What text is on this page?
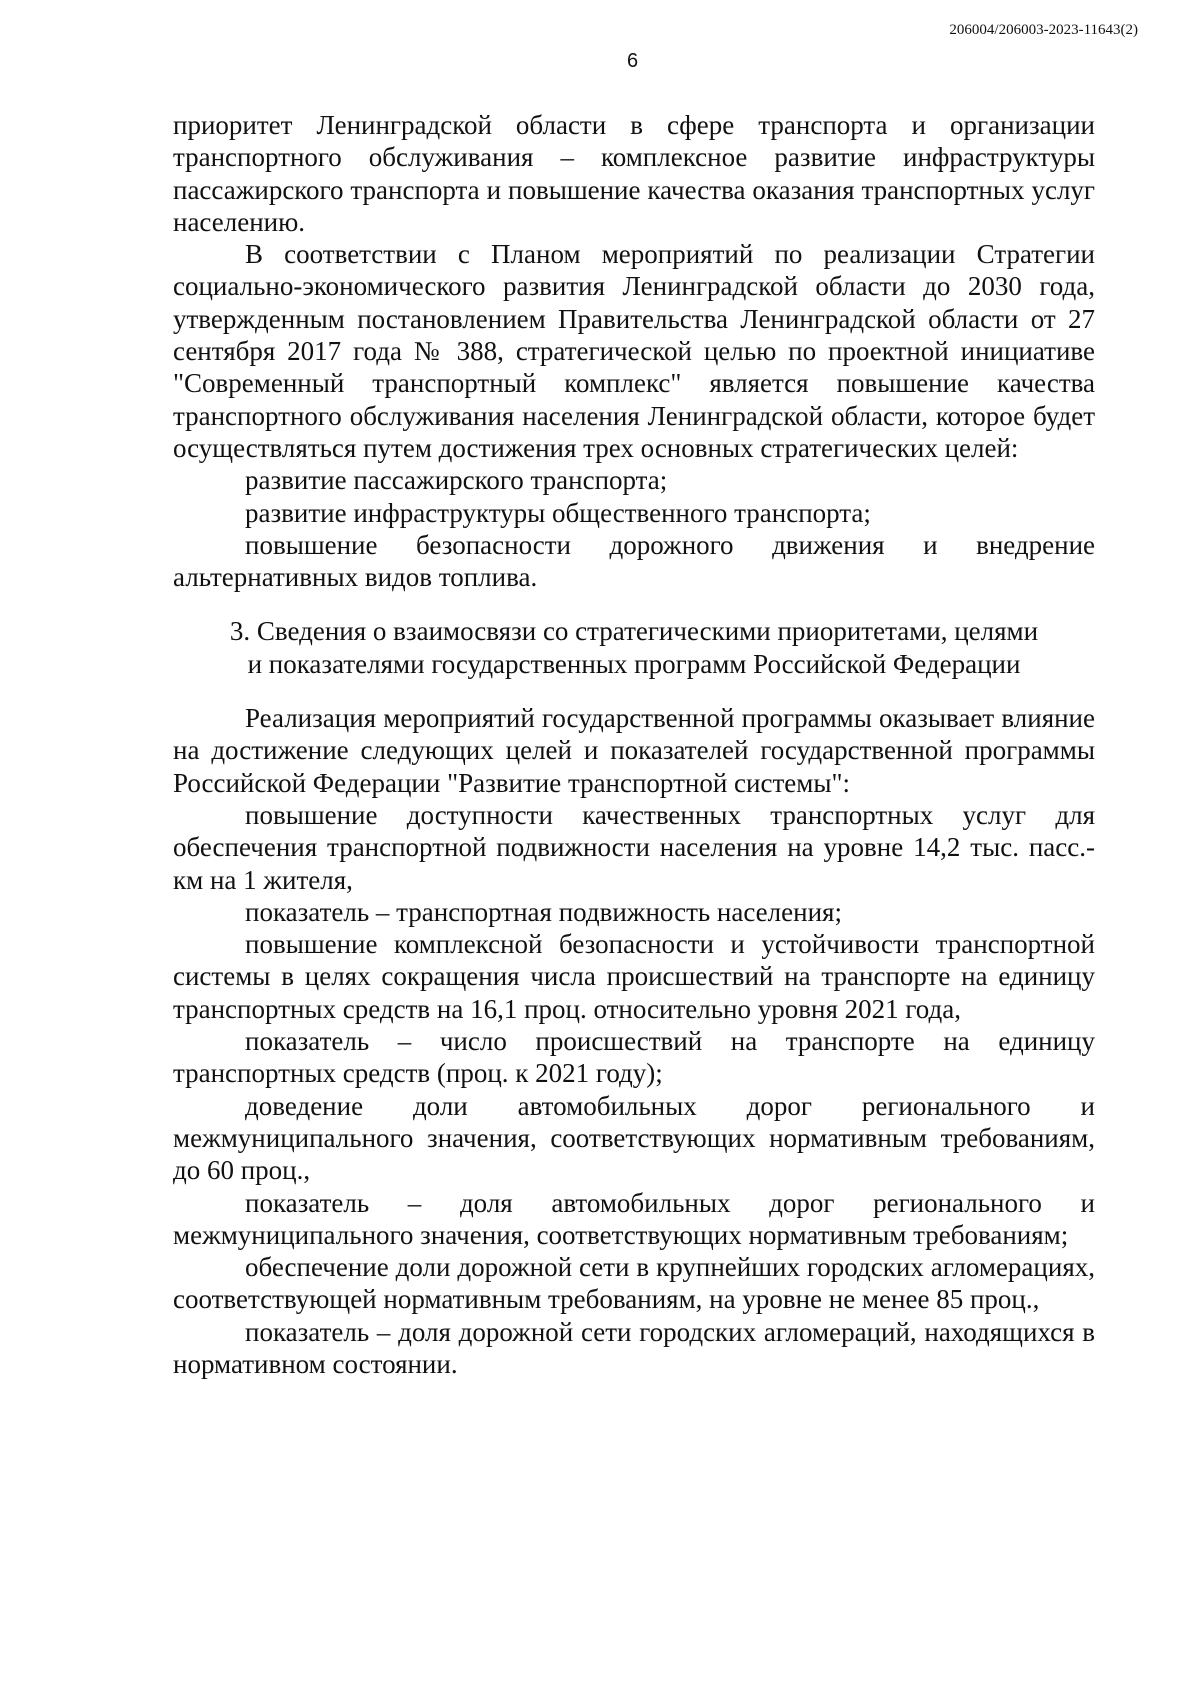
206004/206003-2023-11643(2)
6

приоритет Ленинградской области в сфере транспорта и организации транспортного обслуживания – комплексное развитие инфраструктуры пассажирского транспорта и повышение качества оказания транспортных услуг населению.

В соответствии с Планом мероприятий по реализации Стратегии социально-экономического развития Ленинградской области до 2030 года, утвержденным постановлением Правительства Ленинградской области от 27 сентября 2017 года № 388, стратегической целью по проектной инициативе "Современный транспортный комплекс" является повышение качества транспортного обслуживания населения Ленинградской области, которое будет осуществляться путем достижения трех основных стратегических целей:

развитие пассажирского транспорта;

развитие инфраструктуры общественного транспорта;

повышение безопасности дорожного движения и внедрение альтернативных видов топлива.

3. Сведения о взаимосвязи со стратегическими приоритетами, целями
и показателями государственных программ Российской Федерации

Реализация мероприятий государственной программы оказывает влияние на достижение следующих целей и показателей государственной программы Российской Федерации "Развитие транспортной системы":

повышение доступности качественных транспортных услуг для обеспечения транспортной подвижности населения на уровне 14,2 тыс. пасс.-км на 1 жителя,

показатель – транспортная подвижность населения;

повышение комплексной безопасности и устойчивости транспортной системы в целях сокращения числа происшествий на транспорте на единицу транспортных средств на 16,1 проц. относительно уровня 2021 года,

показатель – число происшествий на транспорте на единицу транспортных средств (проц. к 2021 году);

доведение доли автомобильных дорог регионального и межмуниципального значения, соответствующих нормативным требованиям, до 60 проц.,

показатель – доля автомобильных дорог регионального и межмуниципального значения, соответствующих нормативным требованиям;

обеспечение доли дорожной сети в крупнейших городских агломерациях, соответствующей нормативным требованиям, на уровне не менее 85 проц.,

показатель – доля дорожной сети городских агломераций, находящихся в нормативном состоянии.
